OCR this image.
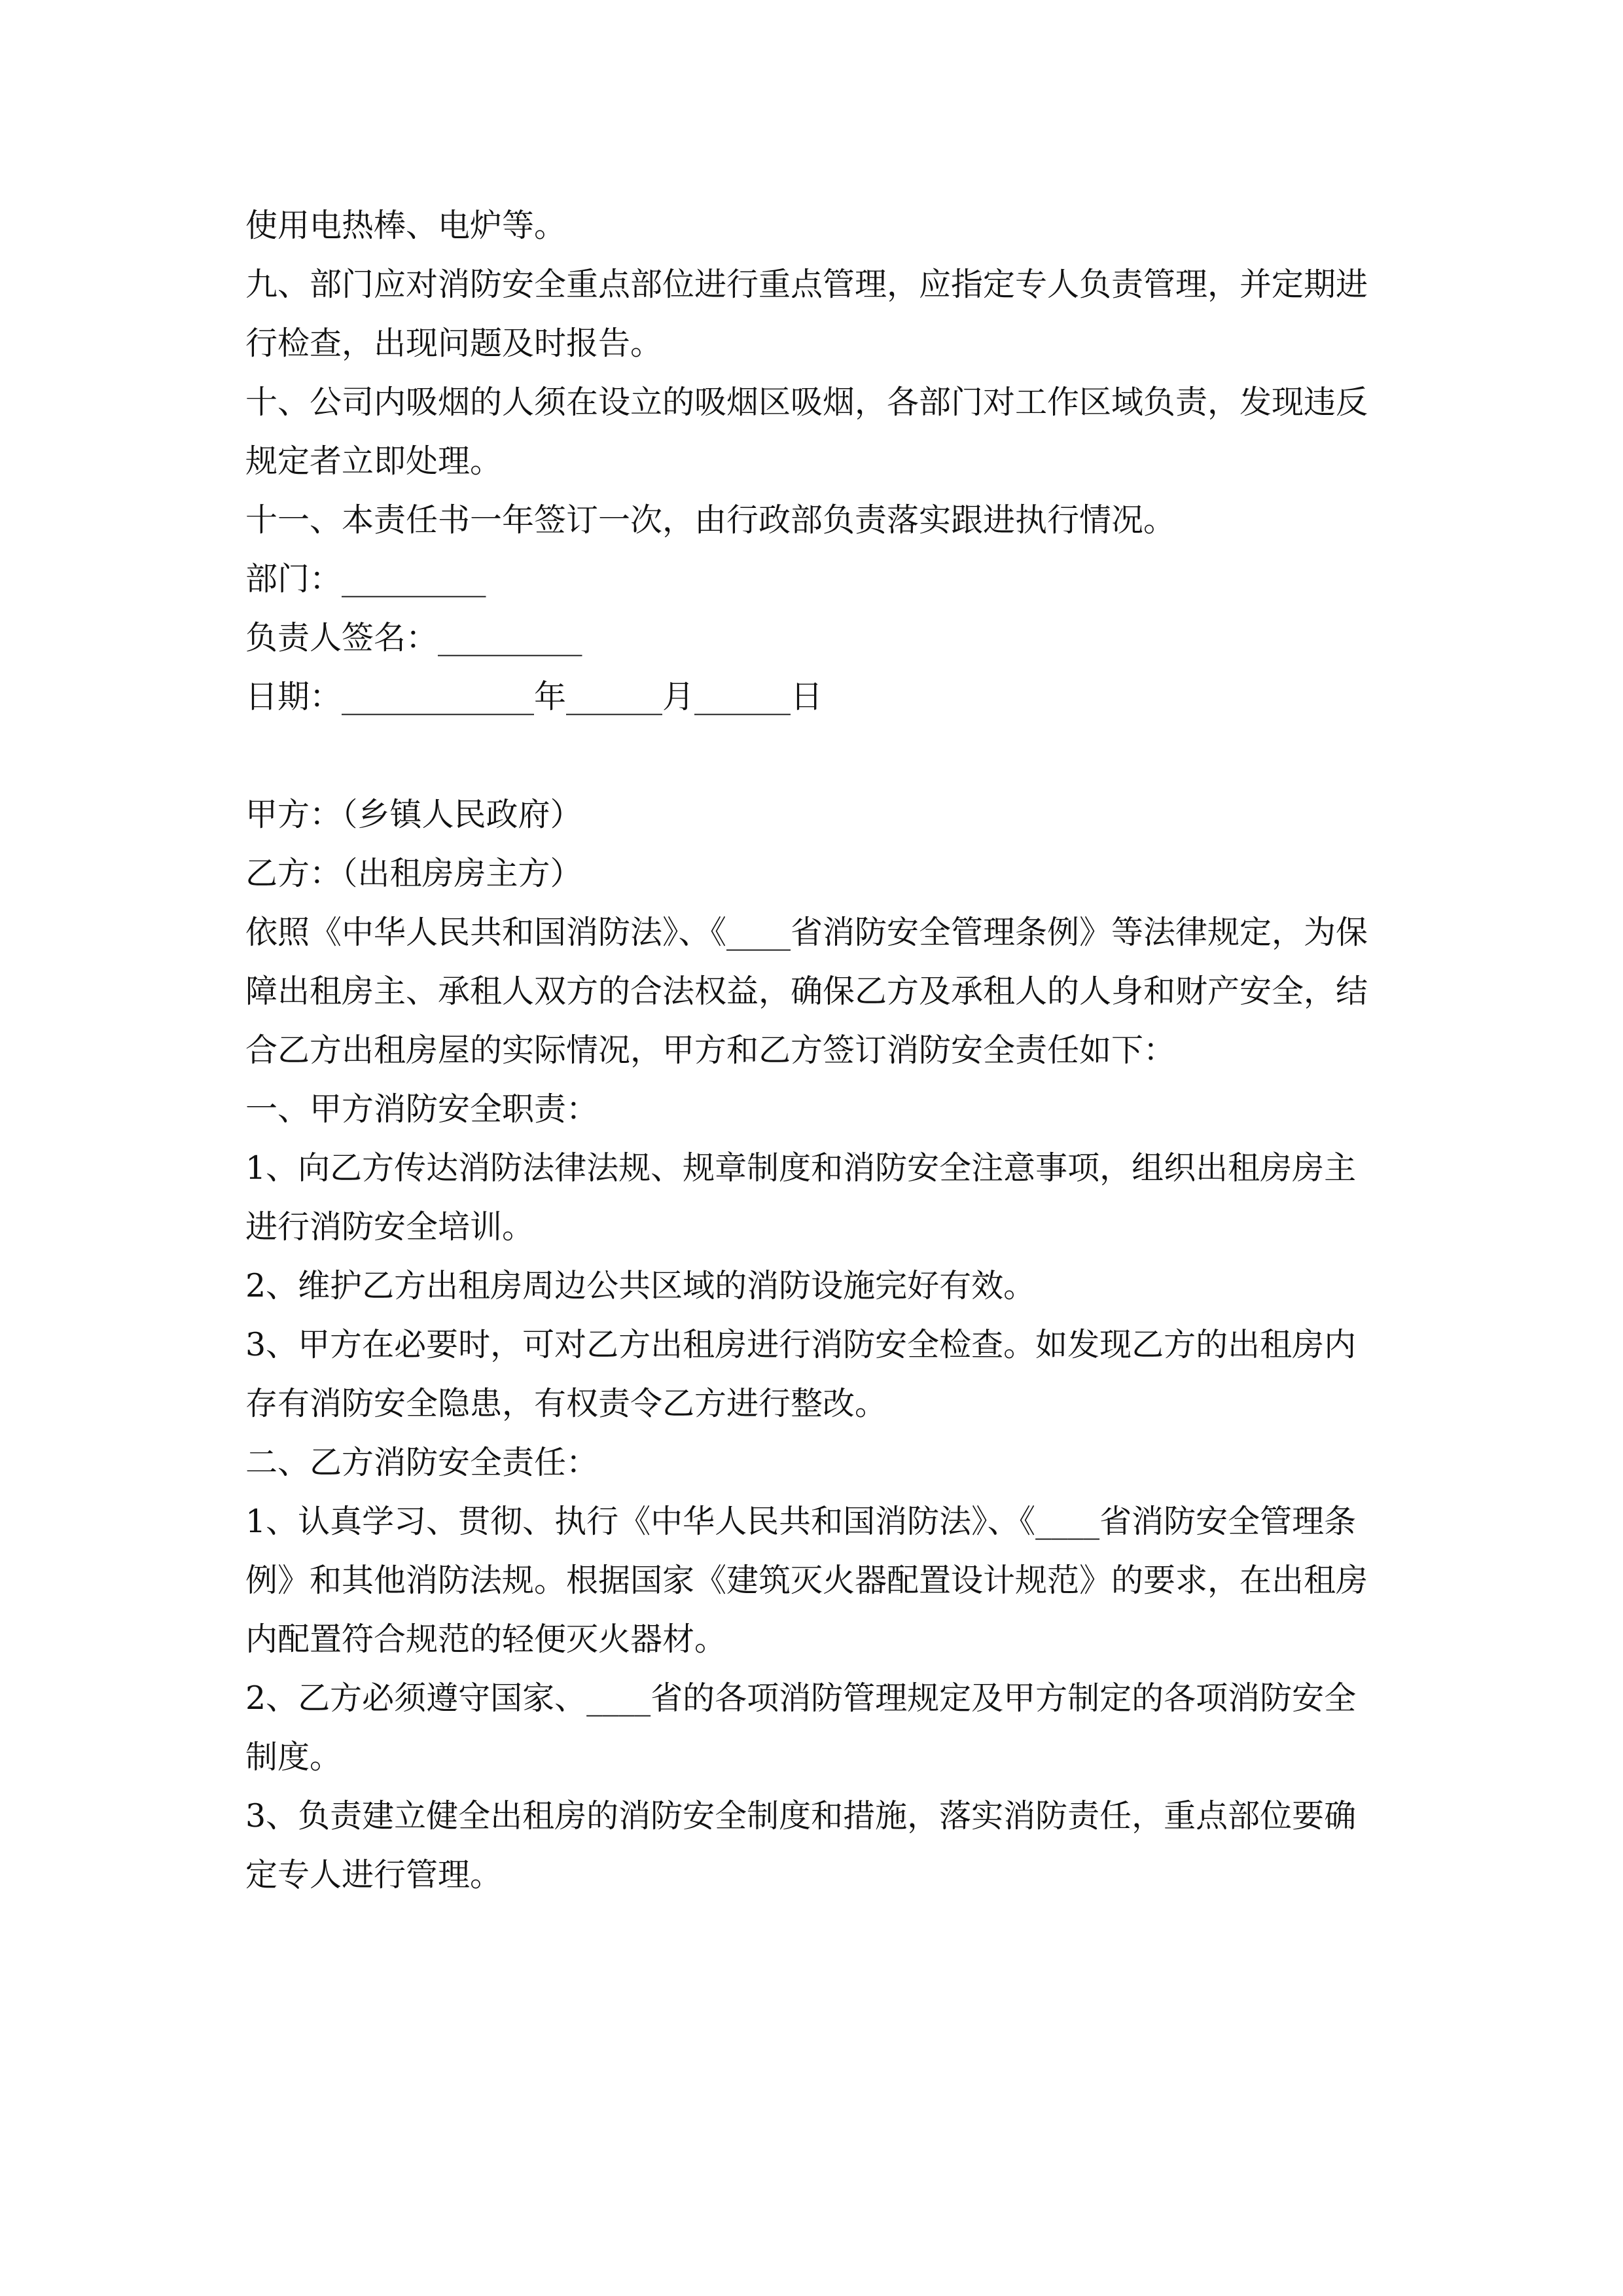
使用电热棒、电炉等。

九、部门应对消防安全重点部位进行重点管理，应指定专人负责管理，并定期进行检查，出现问题及时报告。

十、公司内吸烟的人须在设立的吸烟区吸烟，各部门对工作区域负责，发现违反规定者立即处理。

十一、本责任书一年签订一次，由行政部负责落实跟进执行情况。

部门：_________

负责人签名：_________

日期：____________年______月______日

甲方：（乡镇人民政府）

乙方：（出租房房主方）

依照《中华人民共和国消防法》、《____省消防安全管理条例》等法律规定，为保障出租房主、承租人双方的合法权益，确保乙方及承租人的人身和财产安全，结合乙方出租房屋的实际情况，甲方和乙方签订消防安全责任如下：

一、甲方消防安全职责：

1、向乙方传达消防法律法规、规章制度和消防安全注意事项，组织出租房房主进行消防安全培训。

2、维护乙方出租房周边公共区域的消防设施完好有效。

3、甲方在必要时，可对乙方出租房进行消防安全检查。如发现乙方的出租房内存有消防安全隐患，有权责令乙方进行整改。

二、乙方消防安全责任：

1、认真学习、贯彻、执行《中华人民共和国消防法》、《____省消防安全管理条例》和其他消防法规。根据国家《建筑灭火器配置设计规范》的要求，在出租房内配置符合规范的轻便灭火器材。

2、乙方必须遵守国家、____省的各项消防管理规定及甲方制定的各项消防安全制度。

3、负责建立健全出租房的消防安全制度和措施，落实消防责任，重点部位要确定专人进行管理。
